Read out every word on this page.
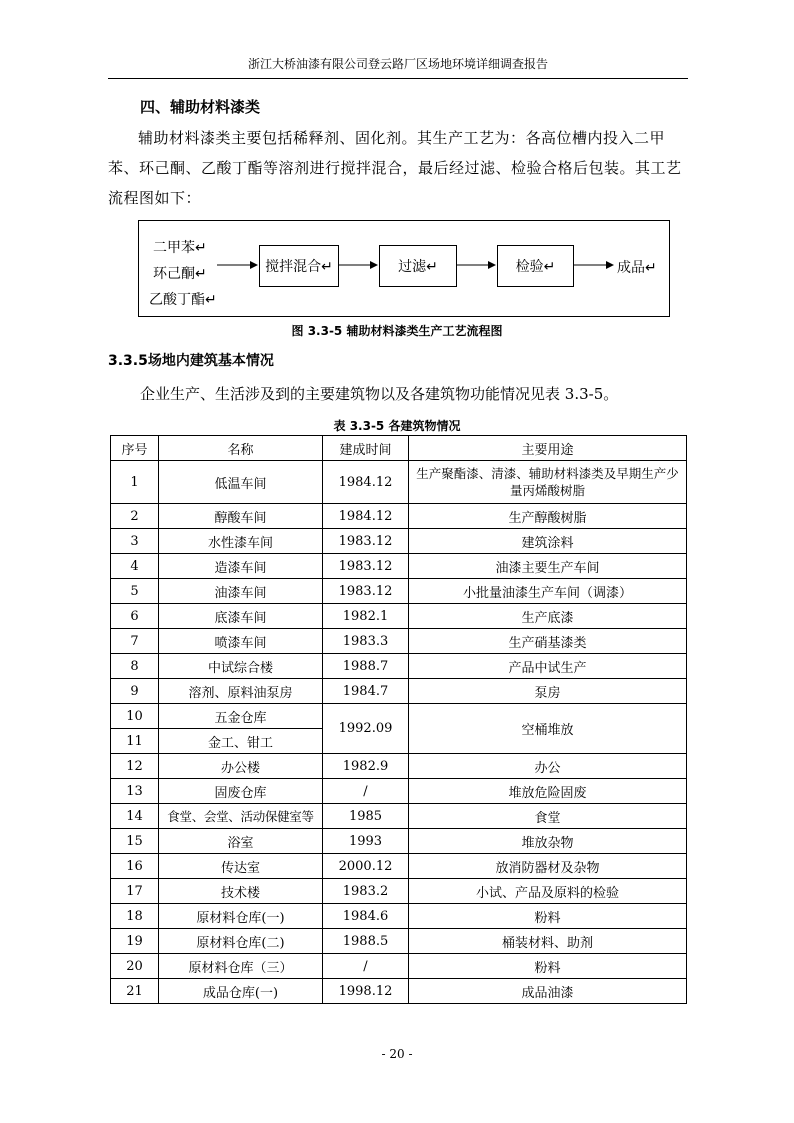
浙江大桥油漆有限公司登云路厂区场地环境详细调查报告
四、辅助材料漆类
辅助材料漆类主要包括稀释剂、固化剂。其生产工艺为：各高位槽内投入二甲苯、环己酮、乙酸丁酯等溶剂进行搅拌混合，最后经过滤、检验合格后包装。其工艺流程图如下：
二甲苯↵
环己酮↵
乙酸丁酯↵
搅拌混合↵	过滤↵	检验↵	成品↵
图 3.3-5 辅助材料漆类生产工艺流程图
3.3.5场地内建筑基本情况
企业生产、生活涉及到的主要建筑物以及各建筑物功能情况见表 3.3-5。
表 3.3-5 各建筑物情况
序号	名称	建成时间	主要用途
1	低温车间	1984.12	生产聚酯漆、清漆、辅助材料漆类及早期生产少量丙烯酸树脂
2	醇酸车间	1984.12	生产醇酸树脂
3	水性漆车间	1983.12	建筑涂料
4	造漆车间	1983.12	油漆主要生产车间
5	油漆车间	1983.12	小批量油漆生产车间（调漆）
6	底漆车间	1982.1	生产底漆
7	喷漆车间	1983.3	生产硝基漆类
8	中试综合楼	1988.7	产品中试生产
9	溶剂、原料油泵房	1984.7	泵房
10	五金仓库	1992.09	空桶堆放
11	金工、钳工		
12	办公楼	1982.9	办公
13	固废仓库	/	堆放危险固废
14	食堂、会堂、活动保健室等	1985	食堂
15	浴室	1993	堆放杂物
16	传达室	2000.12	放消防器材及杂物
17	技术楼	1983.2	小试、产品及原料的检验
18	原材料仓库(一)	1984.6	粉料
19	原材料仓库(二)	1988.5	桶装材料、助剂
20	原材料仓库（三）	/	粉料
21	成品仓库(一)	1998.12	成品油漆
- 20 -
